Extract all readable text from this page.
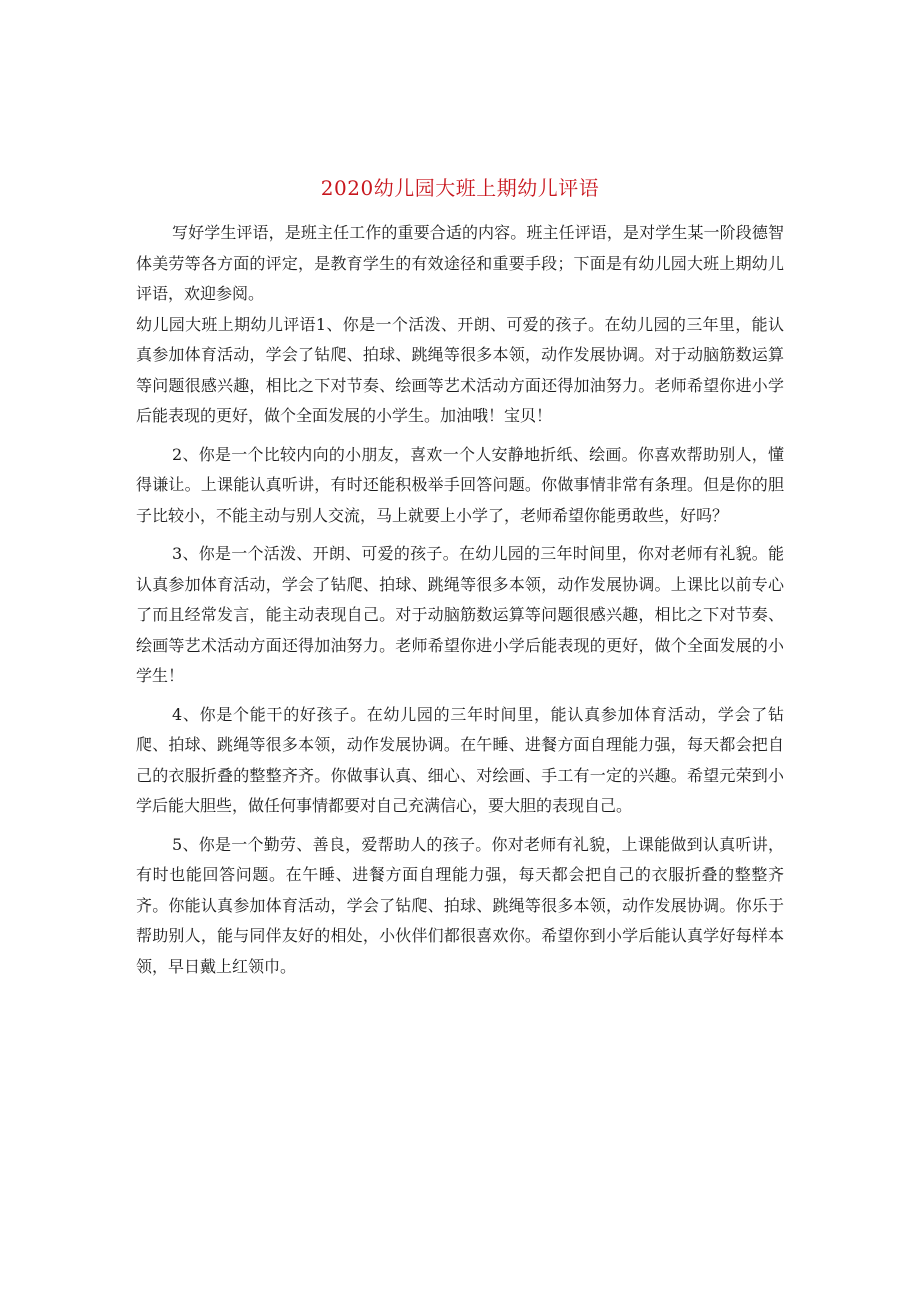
2020幼儿园大班上期幼儿评语

写好学生评语，是班主任工作的重要合适的内容。班主任评语，是对学生某一阶段德智体美劳等各方面的评定，是教育学生的有效途径和重要手段；下面是有幼儿园大班上期幼儿评语，欢迎参阅。

幼儿园大班上期幼儿评语1、你是一个活泼、开朗、可爱的孩子。在幼儿园的三年里，能认真参加体育活动，学会了钻爬、拍球、跳绳等很多本领，动作发展协调。对于动脑筋数运算等问题很感兴趣，相比之下对节奏、绘画等艺术活动方面还得加油努力。老师希望你进小学后能表现的更好，做个全面发展的小学生。加油哦！宝贝！

2、你是一个比较内向的小朋友，喜欢一个人安静地折纸、绘画。你喜欢帮助别人，懂得谦让。上课能认真听讲，有时还能积极举手回答问题。你做事情非常有条理。但是你的胆子比较小，不能主动与别人交流，马上就要上小学了，老师希望你能勇敢些，好吗？

3、你是一个活泼、开朗、可爱的孩子。在幼儿园的三年时间里，你对老师有礼貌。能认真参加体育活动，学会了钻爬、拍球、跳绳等很多本领，动作发展协调。上课比以前专心了而且经常发言，能主动表现自己。对于动脑筋数运算等问题很感兴趣，相比之下对节奏、绘画等艺术活动方面还得加油努力。老师希望你进小学后能表现的更好，做个全面发展的小学生！

4、你是个能干的好孩子。在幼儿园的三年时间里，能认真参加体育活动，学会了钻爬、拍球、跳绳等很多本领，动作发展协调。在午睡、进餐方面自理能力强，每天都会把自己的衣服折叠的整整齐齐。你做事认真、细心、对绘画、手工有一定的兴趣。希望元荣到小学后能大胆些，做任何事情都要对自己充满信心，要大胆的表现自己。

5、你是一个勤劳、善良，爱帮助人的孩子。你对老师有礼貌，上课能做到认真听讲，有时也能回答问题。在午睡、进餐方面自理能力强，每天都会把自己的衣服折叠的整整齐齐。你能认真参加体育活动，学会了钻爬、拍球、跳绳等很多本领，动作发展协调。你乐于帮助别人，能与同伴友好的相处，小伙伴们都很喜欢你。希望你到小学后能认真学好每样本领，早日戴上红领巾。
